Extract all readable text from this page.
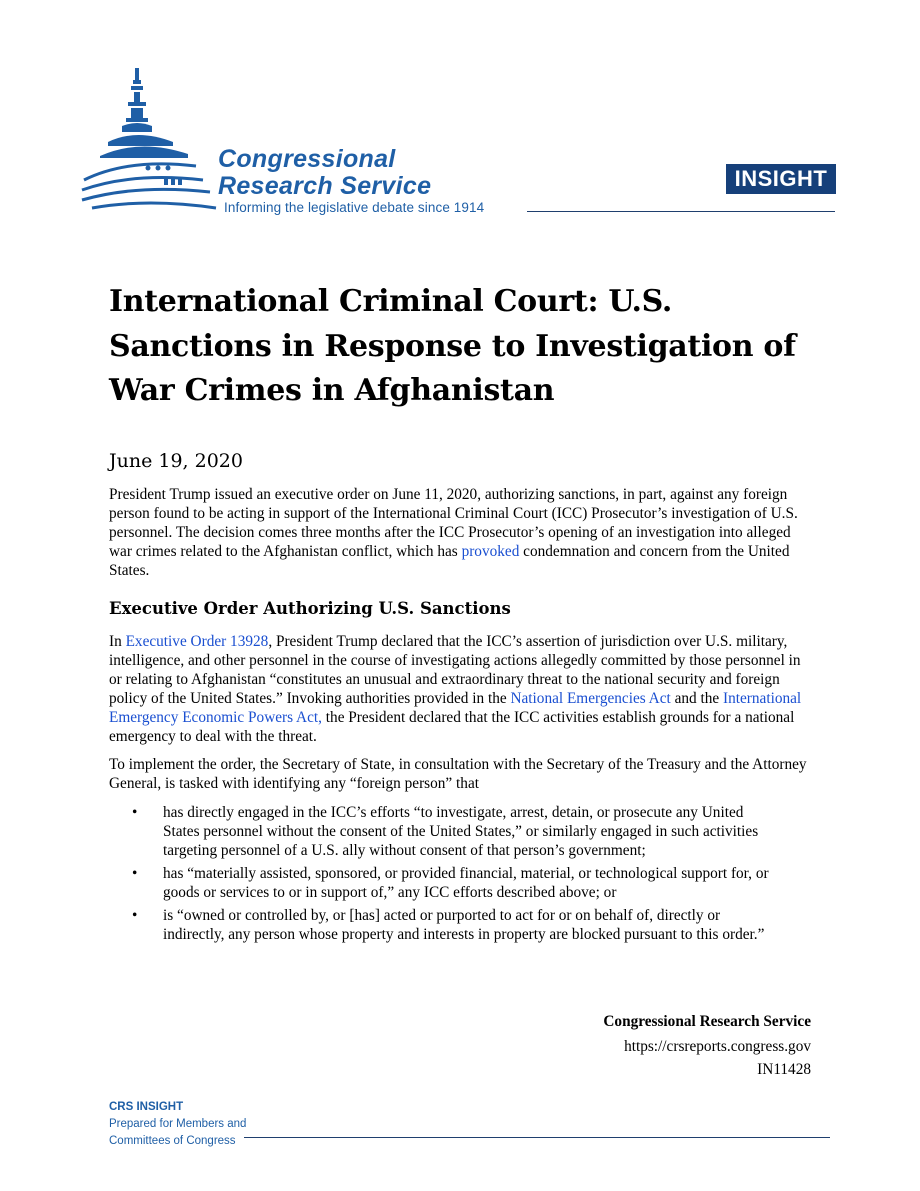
Congressional
Research Service
Informing the legislative debate since 1914
INSIGHT
International Criminal Court: U.S. Sanctions in Response to Investigation of War Crimes in Afghanistan
June 19, 2020
President Trump issued an executive order on June 11, 2020, authorizing sanctions, in part, against any foreign person found to be acting in support of the International Criminal Court (ICC) Prosecutor’s investigation of U.S. personnel. The decision comes three months after the ICC Prosecutor’s opening of an investigation into alleged war crimes related to the Afghanistan conflict, which has provoked condemnation and concern from the United States.
Executive Order Authorizing U.S. Sanctions
In Executive Order 13928, President Trump declared that the ICC’s assertion of jurisdiction over U.S. military, intelligence, and other personnel in the course of investigating actions allegedly committed by those personnel in or relating to Afghanistan “constitutes an unusual and extraordinary threat to the national security and foreign policy of the United States.” Invoking authorities provided in the National Emergencies Act and the International Emergency Economic Powers Act, the President declared that the ICC activities establish grounds for a national emergency to deal with the threat.
To implement the order, the Secretary of State, in consultation with the Secretary of the Treasury and the Attorney General, is tasked with identifying any “foreign person” that
• has directly engaged in the ICC’s efforts “to investigate, arrest, detain, or prosecute any United States personnel without the consent of the United States,” or similarly engaged in such activities targeting personnel of a U.S. ally without consent of that person’s government;
• has “materially assisted, sponsored, or provided financial, material, or technological support for, or goods or services to or in support of,” any ICC efforts described above; or
• is “owned or controlled by, or [has] acted or purported to act for or on behalf of, directly or indirectly, any person whose property and interests in property are blocked pursuant to this order.”
Congressional Research Service
https://crsreports.congress.gov
IN11428
CRS INSIGHT
Prepared for Members and
Committees of Congress
